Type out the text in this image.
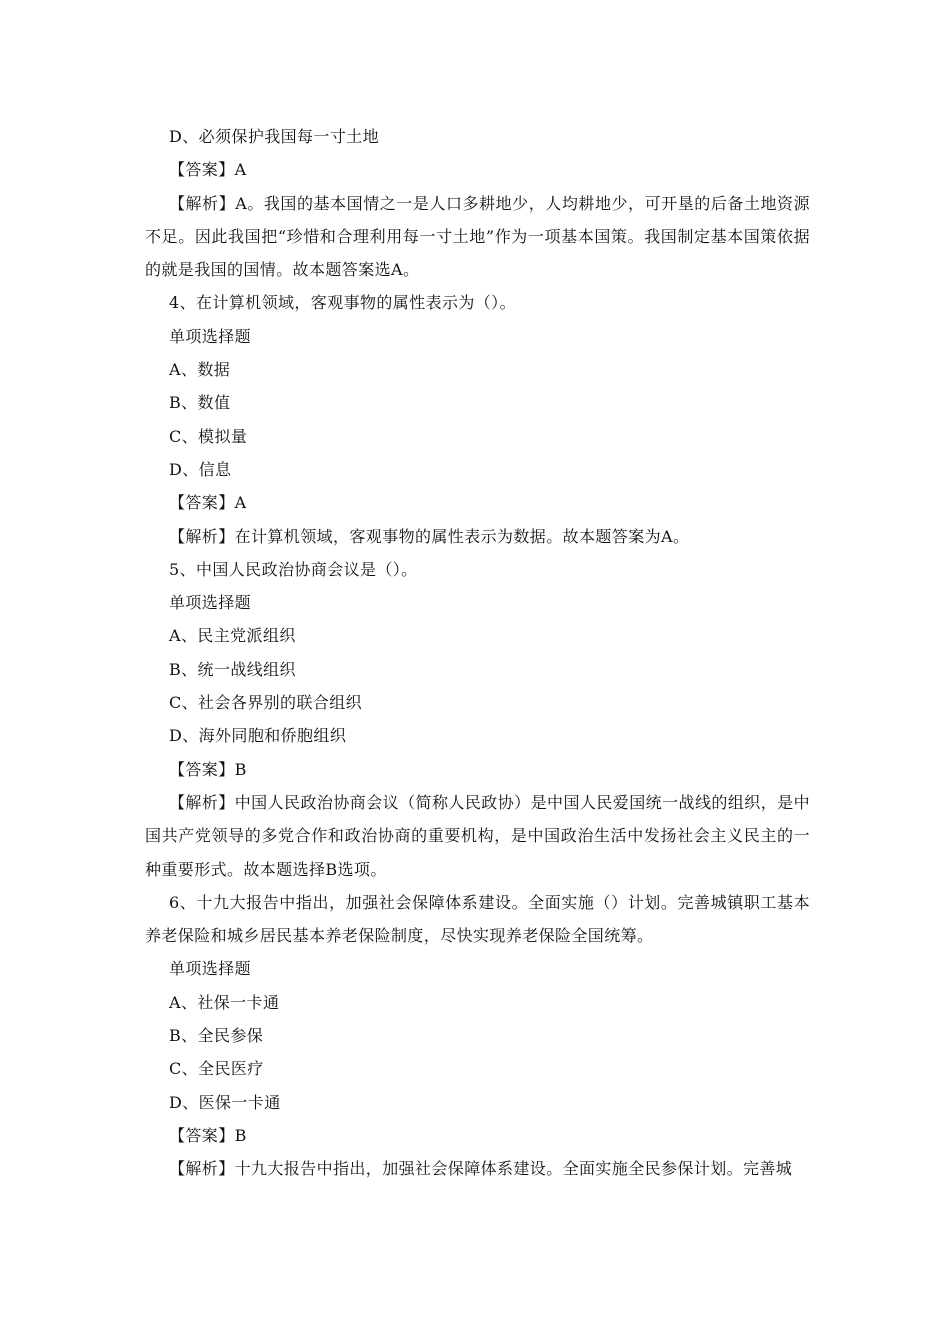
D、必须保护我国每一寸土地
【答案】A
【解析】A。我国的基本国情之一是人口多耕地少，人均耕地少，可开垦的后备土地资源不足。因此我国把“珍惜和合理利用每一寸土地”作为一项基本国策。我国制定基本国策依据的就是我国的国情。故本题答案选A。
4、在计算机领域，客观事物的属性表示为（）。
单项选择题
A、数据
B、数值
C、模拟量
D、信息
【答案】A
【解析】在计算机领域，客观事物的属性表示为数据。故本题答案为A。
5、中国人民政治协商会议是（）。
单项选择题
A、民主党派组织
B、统一战线组织
C、社会各界别的联合组织
D、海外同胞和侨胞组织
【答案】B
【解析】中国人民政治协商会议（简称人民政协）是中国人民爱国统一战线的组织，是中国共产党领导的多党合作和政治协商的重要机构，是中国政治生活中发扬社会主义民主的一种重要形式。故本题选择B选项。
6、十九大报告中指出，加强社会保障体系建设。全面实施（）计划。完善城镇职工基本养老保险和城乡居民基本养老保险制度，尽快实现养老保险全国统筹。
单项选择题
A、社保一卡通
B、全民参保
C、全民医疗
D、医保一卡通
【答案】B
【解析】十九大报告中指出，加强社会保障体系建设。全面实施全民参保计划。完善城
